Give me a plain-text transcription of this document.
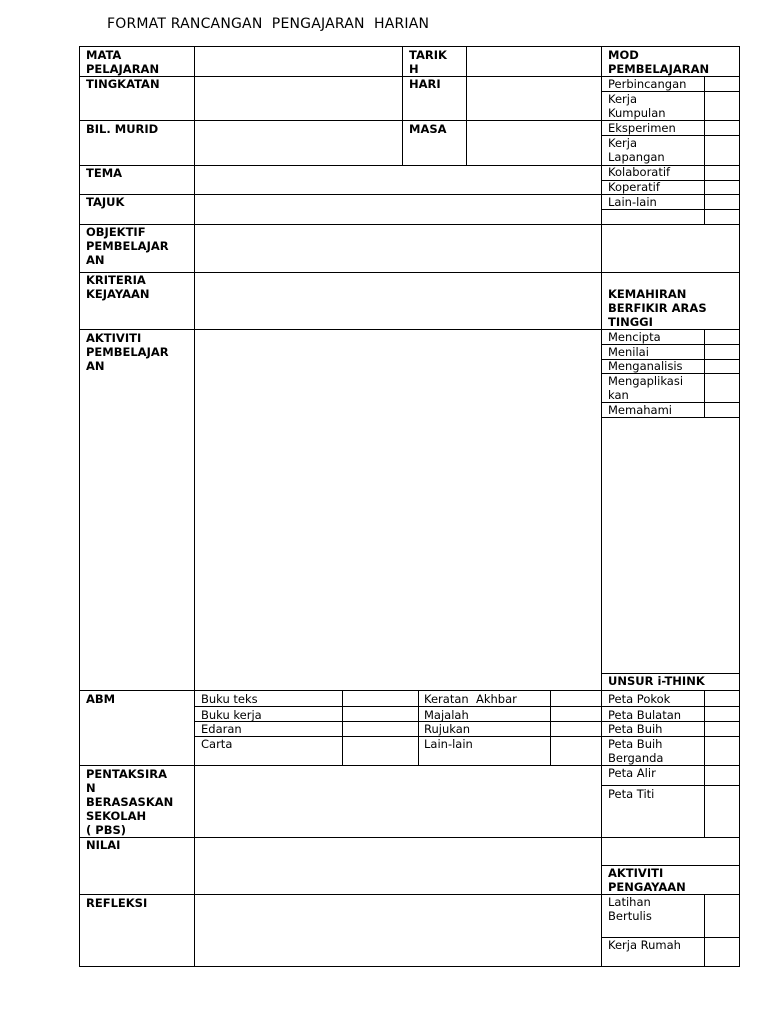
FORMAT RANCANGAN  PENGAJARAN  HARIAN
MATA
PELAJARAN
TARIK
H
MOD
PEMBELAJARAN
TINGKATAN	HARI
BIL. MURID	MASA
TEMA
TAJUK
OBJEKTIF
PEMBELAJAR
AN
KRITERIA
KEJAYAAN
AKTIVITI
PEMBELAJAR
AN
ABM
PENTAKSIRA
N
BERASASKAN
SEKOLAH
( PBS)
NILAI
REFLEKSI
Perbincangan
Kerja
Kumpulan
Eksperimen
Kerja
Lapangan
Kolaboratif
Koperatif
Lain-lain
KEMAHIRAN
BERFIKIR ARAS
TINGGI
Mencipta
Menilai
Menganalisis
Mengaplikasi
kan
Memahami
UNSUR i-THINK
Peta Pokok
Peta Bulatan
Peta Buih
Peta Buih
Berganda
Peta Alir
Peta Titi
Buku teks
Buku kerja
Edaran
Carta
Keratan  Akhbar
Majalah
Rujukan
Lain-lain
AKTIVITI
PENGAYAAN
Latihan
Bertulis
Kerja Rumah
